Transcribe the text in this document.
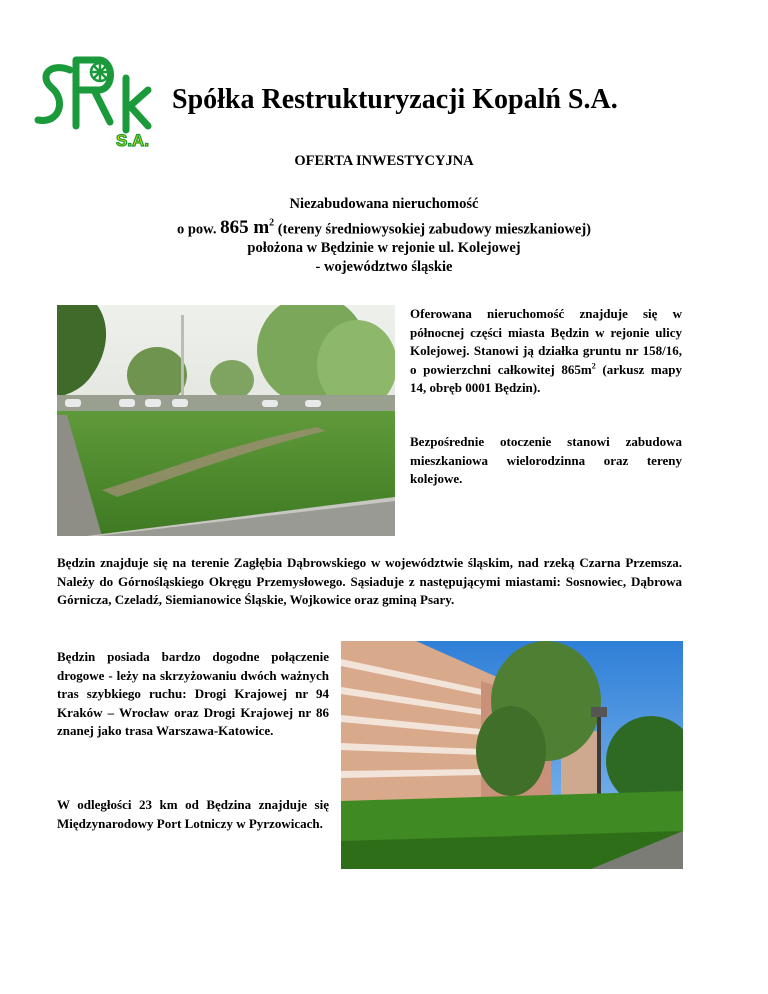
S.A.
Spółka Restrukturyzacji Kopalń S.A.
OFERTA INWESTYCYJNA
Niezabudowana nieruchomość
o pow. 865 $m^2$ (tereny średniowysokiej zabudowy mieszkaniowej)
położona w Będzinie w rejonie ul. Kolejowej
- województwo śląskie

Oferowana nieruchomość znajduje się w północnej części miasta Będzin w rejonie ulicy Kolejowej. Stanowi ją działka gruntu nr 158/16, o powierzchni całkowitej $865m^2$ (arkusz mapy 14, obręb 0001 Będzin).

Bezpośrednie otoczenie stanowi zabudowa mieszkaniowa wielorodzinna oraz tereny kolejowe.

Będzin znajduje się na terenie Zagłębia Dąbrowskiego w województwie śląskim, nad rzeką Czarna Przemsza. Należy do Górnośląskiego Okręgu Przemysłowego. Sąsiaduje z następującymi miastami: Sosnowiec, Dąbrowa Górnicza, Czeladź, Siemianowice Śląskie, Wojkowice oraz gminą Psary.

Będzin posiada bardzo dogodne połączenie drogowe - leży na skrzyżowaniu dwóch ważnych tras szybkiego ruchu: Drogi Krajowej nr 94 Kraków – Wrocław oraz Drogi Krajowej nr 86 znanej jako trasa Warszawa-Katowice.

W odległości 23 km od Będzina znajduje się Międzynarodowy Port Lotniczy w Pyrzowicach.
